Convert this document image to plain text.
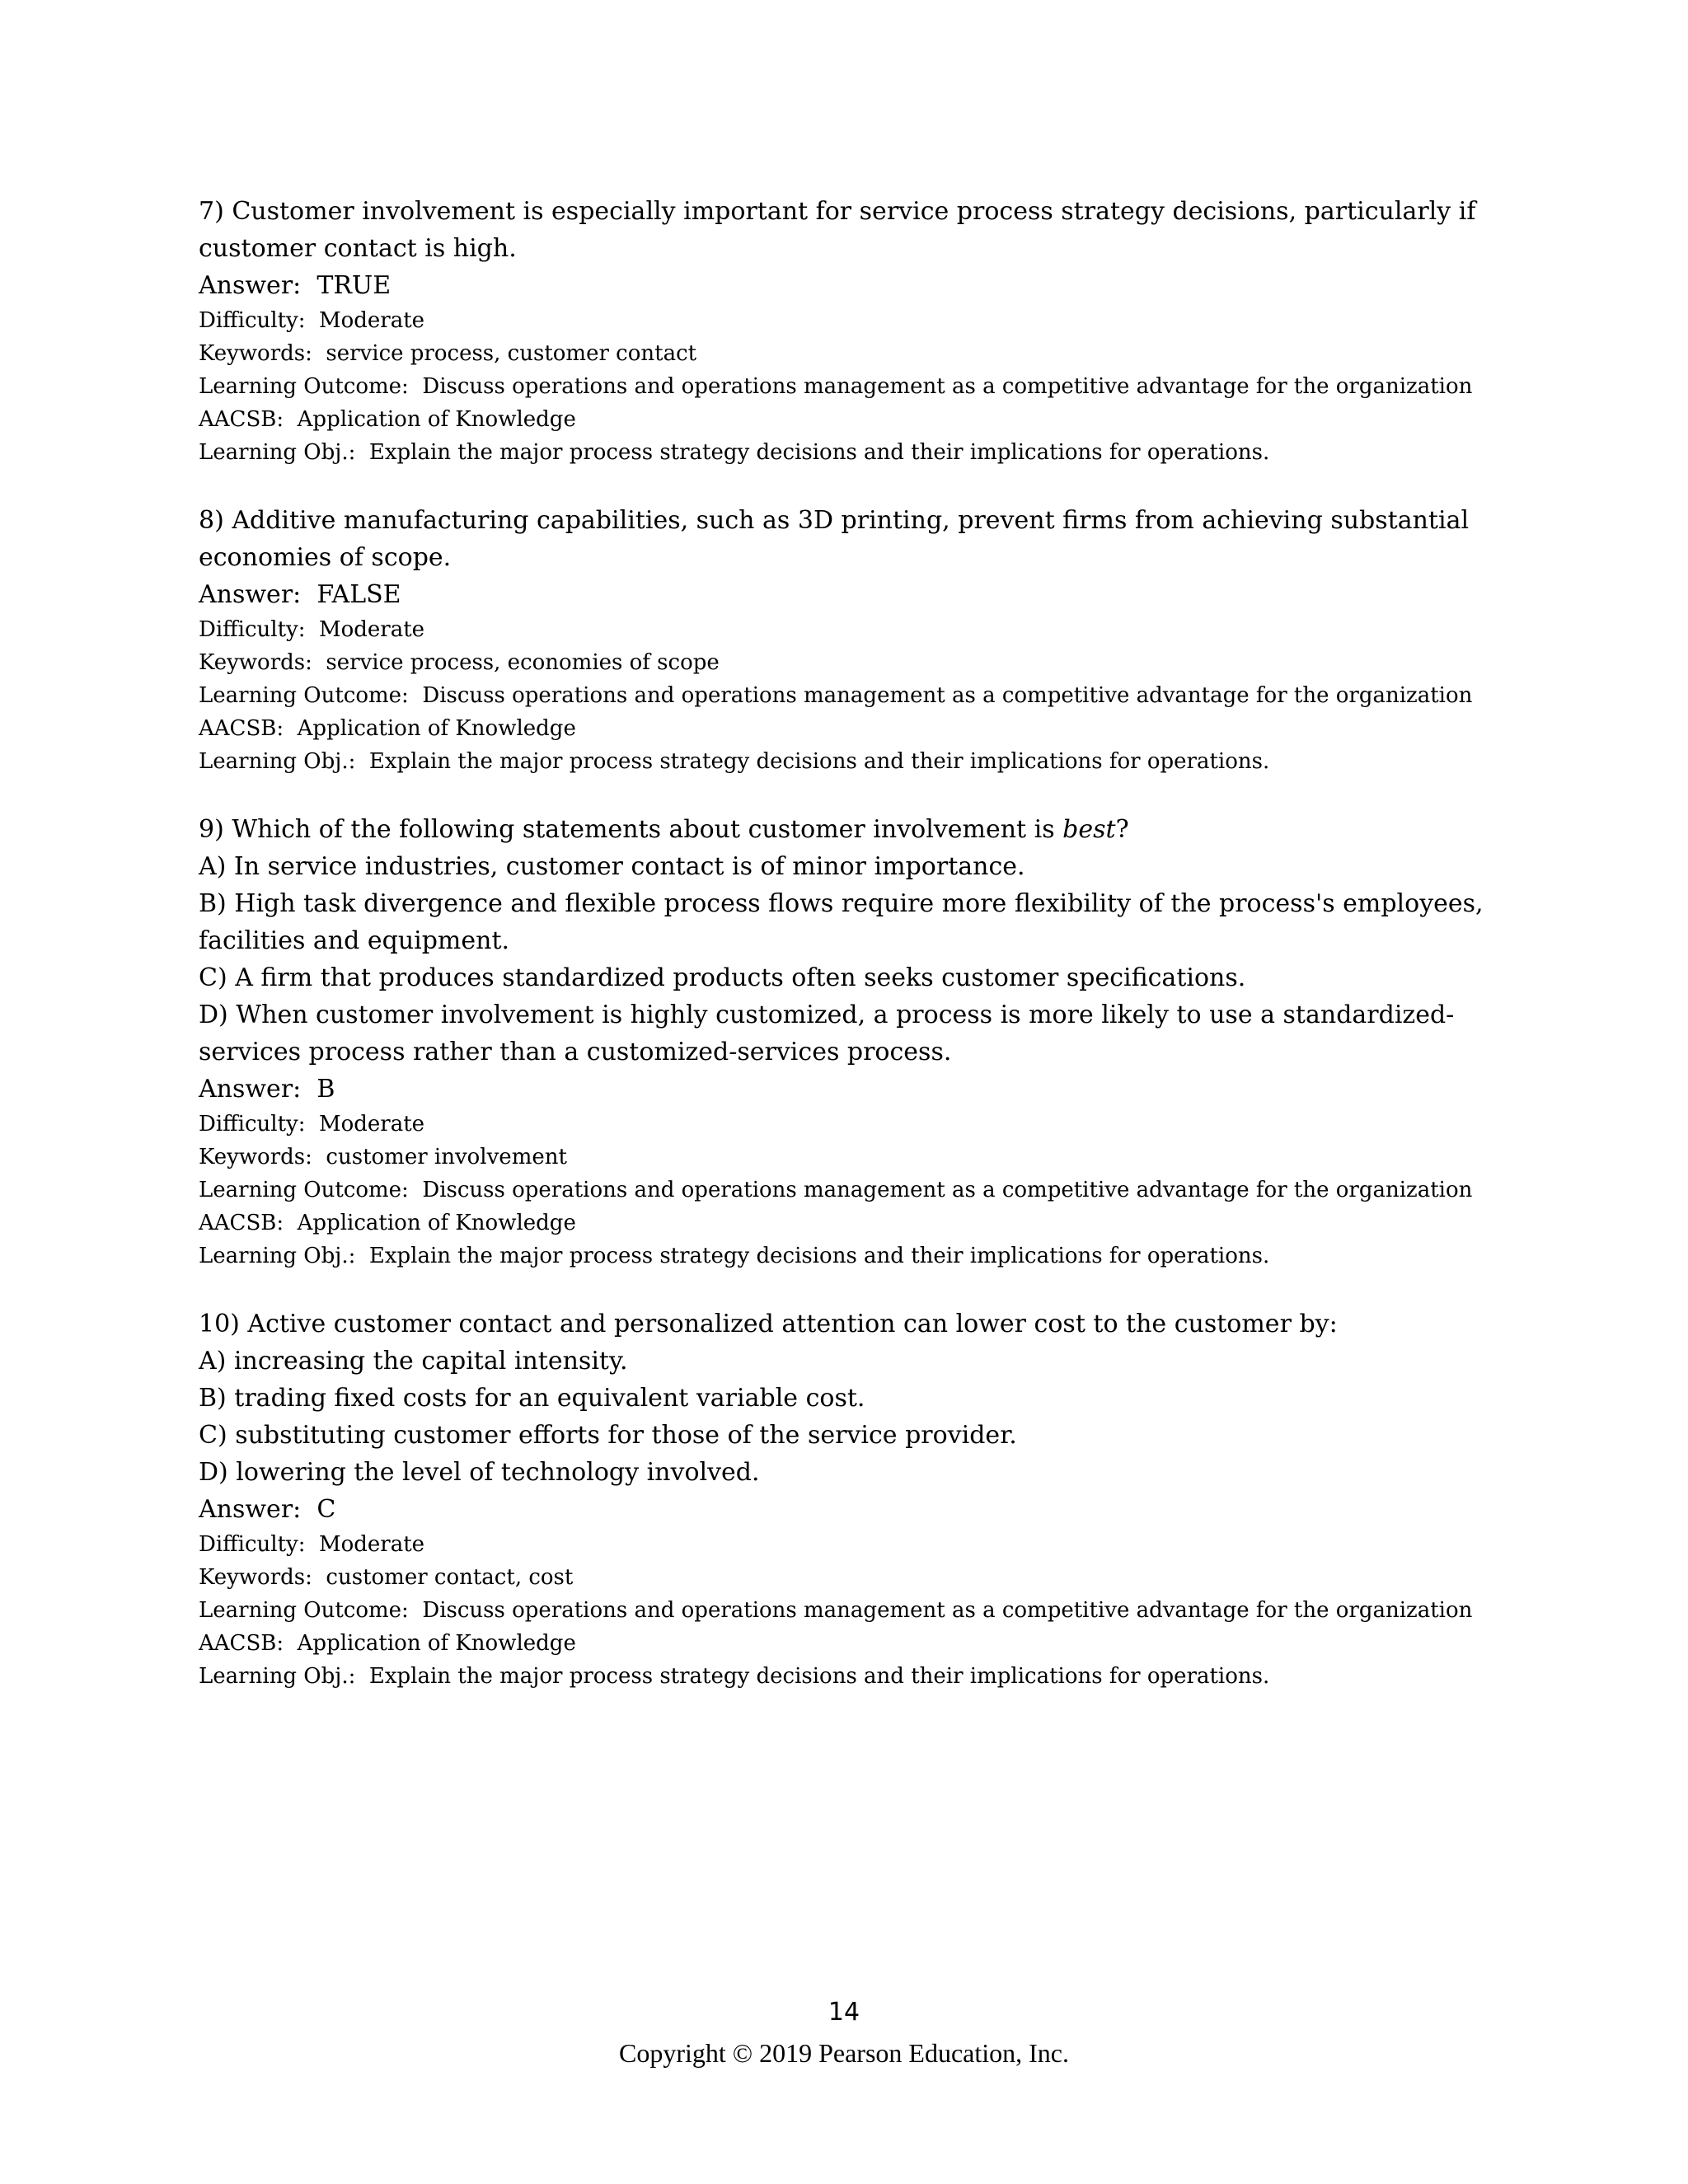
7) Customer involvement is especially important for service process strategy decisions, particularly if
customer contact is high.
Answer:  TRUE
Difficulty:  Moderate
Keywords:  service process, customer contact
Learning Outcome:  Discuss operations and operations management as a competitive advantage for the organization
AACSB:  Application of Knowledge
Learning Obj.:  Explain the major process strategy decisions and their implications for operations.
8) Additive manufacturing capabilities, such as 3D printing, prevent firms from achieving substantial
economies of scope.
Answer:  FALSE
Difficulty:  Moderate
Keywords:  service process, economies of scope
Learning Outcome:  Discuss operations and operations management as a competitive advantage for the organization
AACSB:  Application of Knowledge
Learning Obj.:  Explain the major process strategy decisions and their implications for operations.
9) Which of the following statements about customer involvement is best?
A) In service industries, customer contact is of minor importance.
B) High task divergence and flexible process flows require more flexibility of the process's employees,
facilities and equipment.
C) A firm that produces standardized products often seeks customer specifications.
D) When customer involvement is highly customized, a process is more likely to use a standardized-
services process rather than a customized-services process.
Answer:  B
Difficulty:  Moderate
Keywords:  customer involvement
Learning Outcome:  Discuss operations and operations management as a competitive advantage for the organization
AACSB:  Application of Knowledge
Learning Obj.:  Explain the major process strategy decisions and their implications for operations.
10) Active customer contact and personalized attention can lower cost to the customer by:
A) increasing the capital intensity.
B) trading fixed costs for an equivalent variable cost.
C) substituting customer efforts for those of the service provider.
D) lowering the level of technology involved.
Answer:  C
Difficulty:  Moderate
Keywords:  customer contact, cost
Learning Outcome:  Discuss operations and operations management as a competitive advantage for the organization
AACSB:  Application of Knowledge
Learning Obj.:  Explain the major process strategy decisions and their implications for operations.
14
Copyright © 2019 Pearson Education, Inc.
